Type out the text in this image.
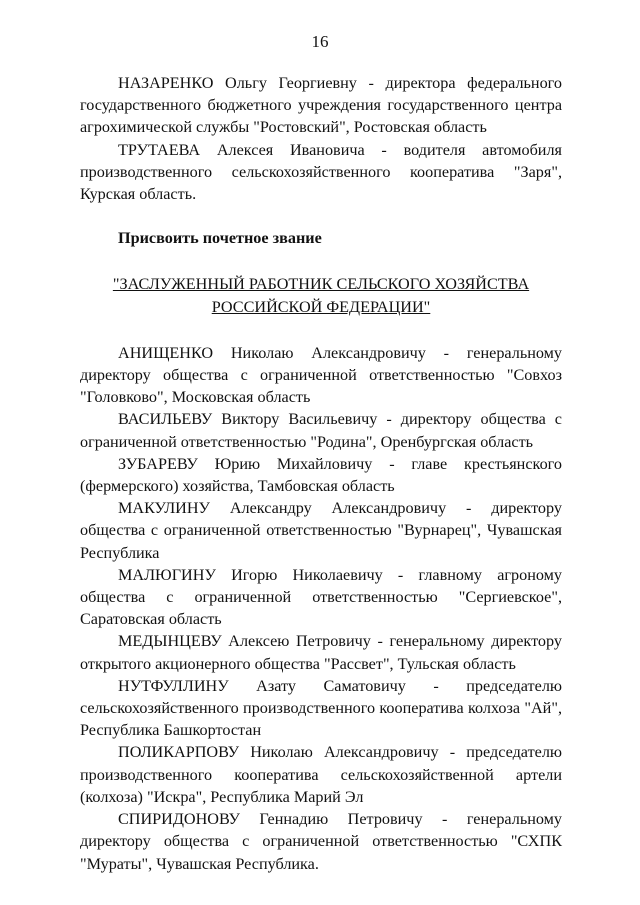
16

НАЗАРЕНКО Ольгу Георгиевну - директора федерального государственного бюджетного учреждения государственного центра агрохимической службы "Ростовский", Ростовская область

ТРУТАЕВА Алексея Ивановича - водителя автомобиля производственного сельскохозяйственного кооператива "Заря", Курская область.

Присвоить почетное звание

"ЗАСЛУЖЕННЫЙ РАБОТНИК СЕЛЬСКОГО ХОЗЯЙСТВА
РОССИЙСКОЙ ФЕДЕРАЦИИ"

АНИЩЕНКО Николаю Александровичу - генеральному директору общества с ограниченной ответственностью "Совхоз "Головково", Московская область

ВАСИЛЬЕВУ Виктору Васильевичу - директору общества с ограниченной ответственностью "Родина", Оренбургская область

ЗУБАРЕВУ Юрию Михайловичу - главе крестьянского (фермерского) хозяйства, Тамбовская область

МАКУЛИНУ Александру Александровичу - директору общества с ограниченной ответственностью "Вурнарец", Чувашская Республика

МАЛЮГИНУ Игорю Николаевичу - главному агроному общества с ограниченной ответственностью "Сергиевское", Саратовская область

МЕДЫНЦЕВУ Алексею Петровичу - генеральному директору открытого акционерного общества "Рассвет", Тульская область

НУТФУЛЛИНУ Азату Саматовичу - председателю сельскохозяйственного производственного кооператива колхоза "Ай", Республика Башкортостан

ПОЛИКАРПОВУ Николаю Александровичу - председателю производственного кооператива сельскохозяйственной артели (колхоза) "Искра", Республика Марий Эл

СПИРИДОНОВУ Геннадию Петровичу - генеральному директору общества с ограниченной ответственностью "СХПК "Мураты", Чувашская Республика.
